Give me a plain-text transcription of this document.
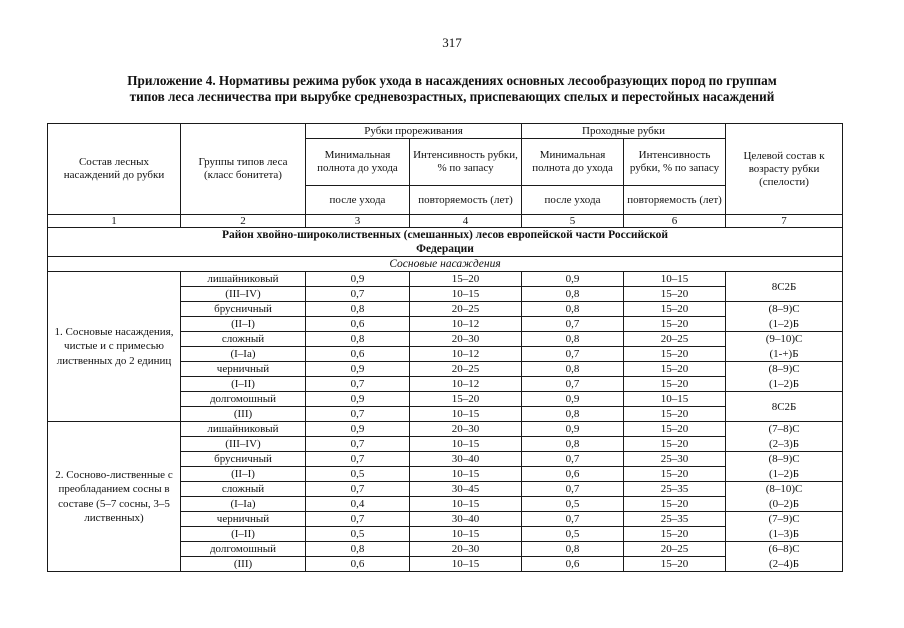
317
Приложение 4. Нормативы режима рубок ухода в насаждениях основных лесообразующих пород по группам
типов леса лесничества при вырубке средневозрастных, приспевающих спелых и перестойных насаждений
Состав лесных насаждений до рубки	Группы типов леса (класс бонитета)	Рубки прореживания		Проходные рубки		Целевой состав к возрасту рубки (спелости)
		Минимальная полнота до ухода	Интенсивность рубки, % по запасу	Минимальная полнота до ухода	Интенсивность рубки, % по запасу	
		после ухода	повторяемость (лет)	после ухода	повторяемость (лет)	
1	2	3	4	5	6	7
Район хвойно-широколиственных (смешанных) лесов европейской части Российской Федерации						
Сосновые насаждения						
1. Сосновые насаждения, чистые и с примесью лиственных до 2 единиц	лишайниковый	0,9	15–20	0,9	10–15	8С2Б
	(III–IV)	0,7	10–15	0,8	15–20	
	брусничный	0,8	20–25	0,8	15–20	(8–9)С
	(II–I)	0,6	10–12	0,7	15–20	(1–2)Б
	сложный	0,8	20–30	0,8	20–25	(9–10)С
	(I–Iа)	0,6	10–12	0,7	15–20	(1-+)Б
	черничный	0,9	20–25	0,8	15–20	(8–9)С
	(I–II)	0,7	10–12	0,7	15–20	(1–2)Б
	долгомошный	0,9	15–20	0,9	10–15	8С2Б
	(III)	0,7	10–15	0,8	15–20	
2. Сосново-лиственные с преобладанием сосны в составе (5–7 сосны, 3–5 лиственных)	лишайниковый	0,9	20–30	0,9	15–20	(7–8)С
	(III–IV)	0,7	10–15	0,8	15–20	(2–3)Б
	брусничный	0,7	30–40	0,7	25–30	(8–9)С
	(II–I)	0,5	10–15	0,6	15–20	(1–2)Б
	сложный	0,7	30–45	0,7	25–35	(8–10)С
	(I–Iа)	0,4	10–15	0,5	15–20	(0–2)Б
	черничный	0,7	30–40	0,7	25–35	(7–9)С
	(I–II)	0,5	10–15	0,5	15–20	(1–3)Б
	долгомошный	0,8	20–30	0,8	20–25	(6–8)С
	(III)	0,6	10–15	0,6	15–20	(2–4)Б
